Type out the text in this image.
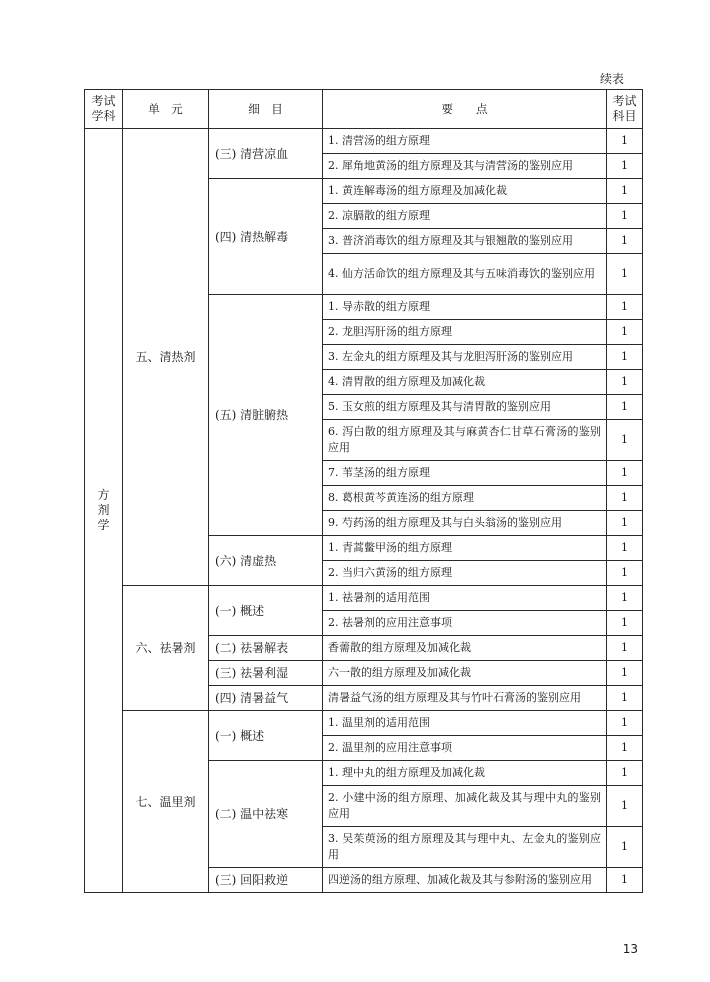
续表
考试学科	单　元	细　目	要　　点	考试科目
方剂学	五、清热剂	(三) 清营凉血	1. 清营汤的组方原理	1
			2. 犀角地黄汤的组方原理及其与清营汤的鉴别应用	1
		(四) 清热解毒	1. 黄连解毒汤的组方原理及加减化裁	1
			2. 凉膈散的组方原理	1
			3. 普济消毒饮的组方原理及其与银翘散的鉴别应用	1
			4. 仙方活命饮的组方原理及其与五味消毒饮的鉴别应用	1
		(五) 清脏腑热	1. 导赤散的组方原理	1
			2. 龙胆泻肝汤的组方原理	1
			3. 左金丸的组方原理及其与龙胆泻肝汤的鉴别应用	1
			4. 清胃散的组方原理及加减化裁	1
			5. 玉女煎的组方原理及其与清胃散的鉴别应用	1
			6. 泻白散的组方原理及其与麻黄杏仁甘草石膏汤的鉴别应用	1
			7. 苇茎汤的组方原理	1
			8. 葛根黄芩黄连汤的组方原理	1
			9. 芍药汤的组方原理及其与白头翁汤的鉴别应用	1
		(六) 清虚热	1. 青蒿鳖甲汤的组方原理	1
			2. 当归六黄汤的组方原理	1
	六、祛暑剂	(一) 概述	1. 祛暑剂的适用范围	1
			2. 祛暑剂的应用注意事项	1
		(二) 祛暑解表	香薷散的组方原理及加减化裁	1
		(三) 祛暑利湿	六一散的组方原理及加减化裁	1
		(四) 清暑益气	清暑益气汤的组方原理及其与竹叶石膏汤的鉴别应用	1
	七、温里剂	(一) 概述	1. 温里剂的适用范围	1
			2. 温里剂的应用注意事项	1
		(二) 温中祛寒	1. 理中丸的组方原理及加减化裁	1
			2. 小建中汤的组方原理、加减化裁及其与理中丸的鉴别应用	1
			3. 吴茱萸汤的组方原理及其与理中丸、左金丸的鉴别应用	1
		(三) 回阳救逆	四逆汤的组方原理、加减化裁及其与参附汤的鉴别应用	1
13
